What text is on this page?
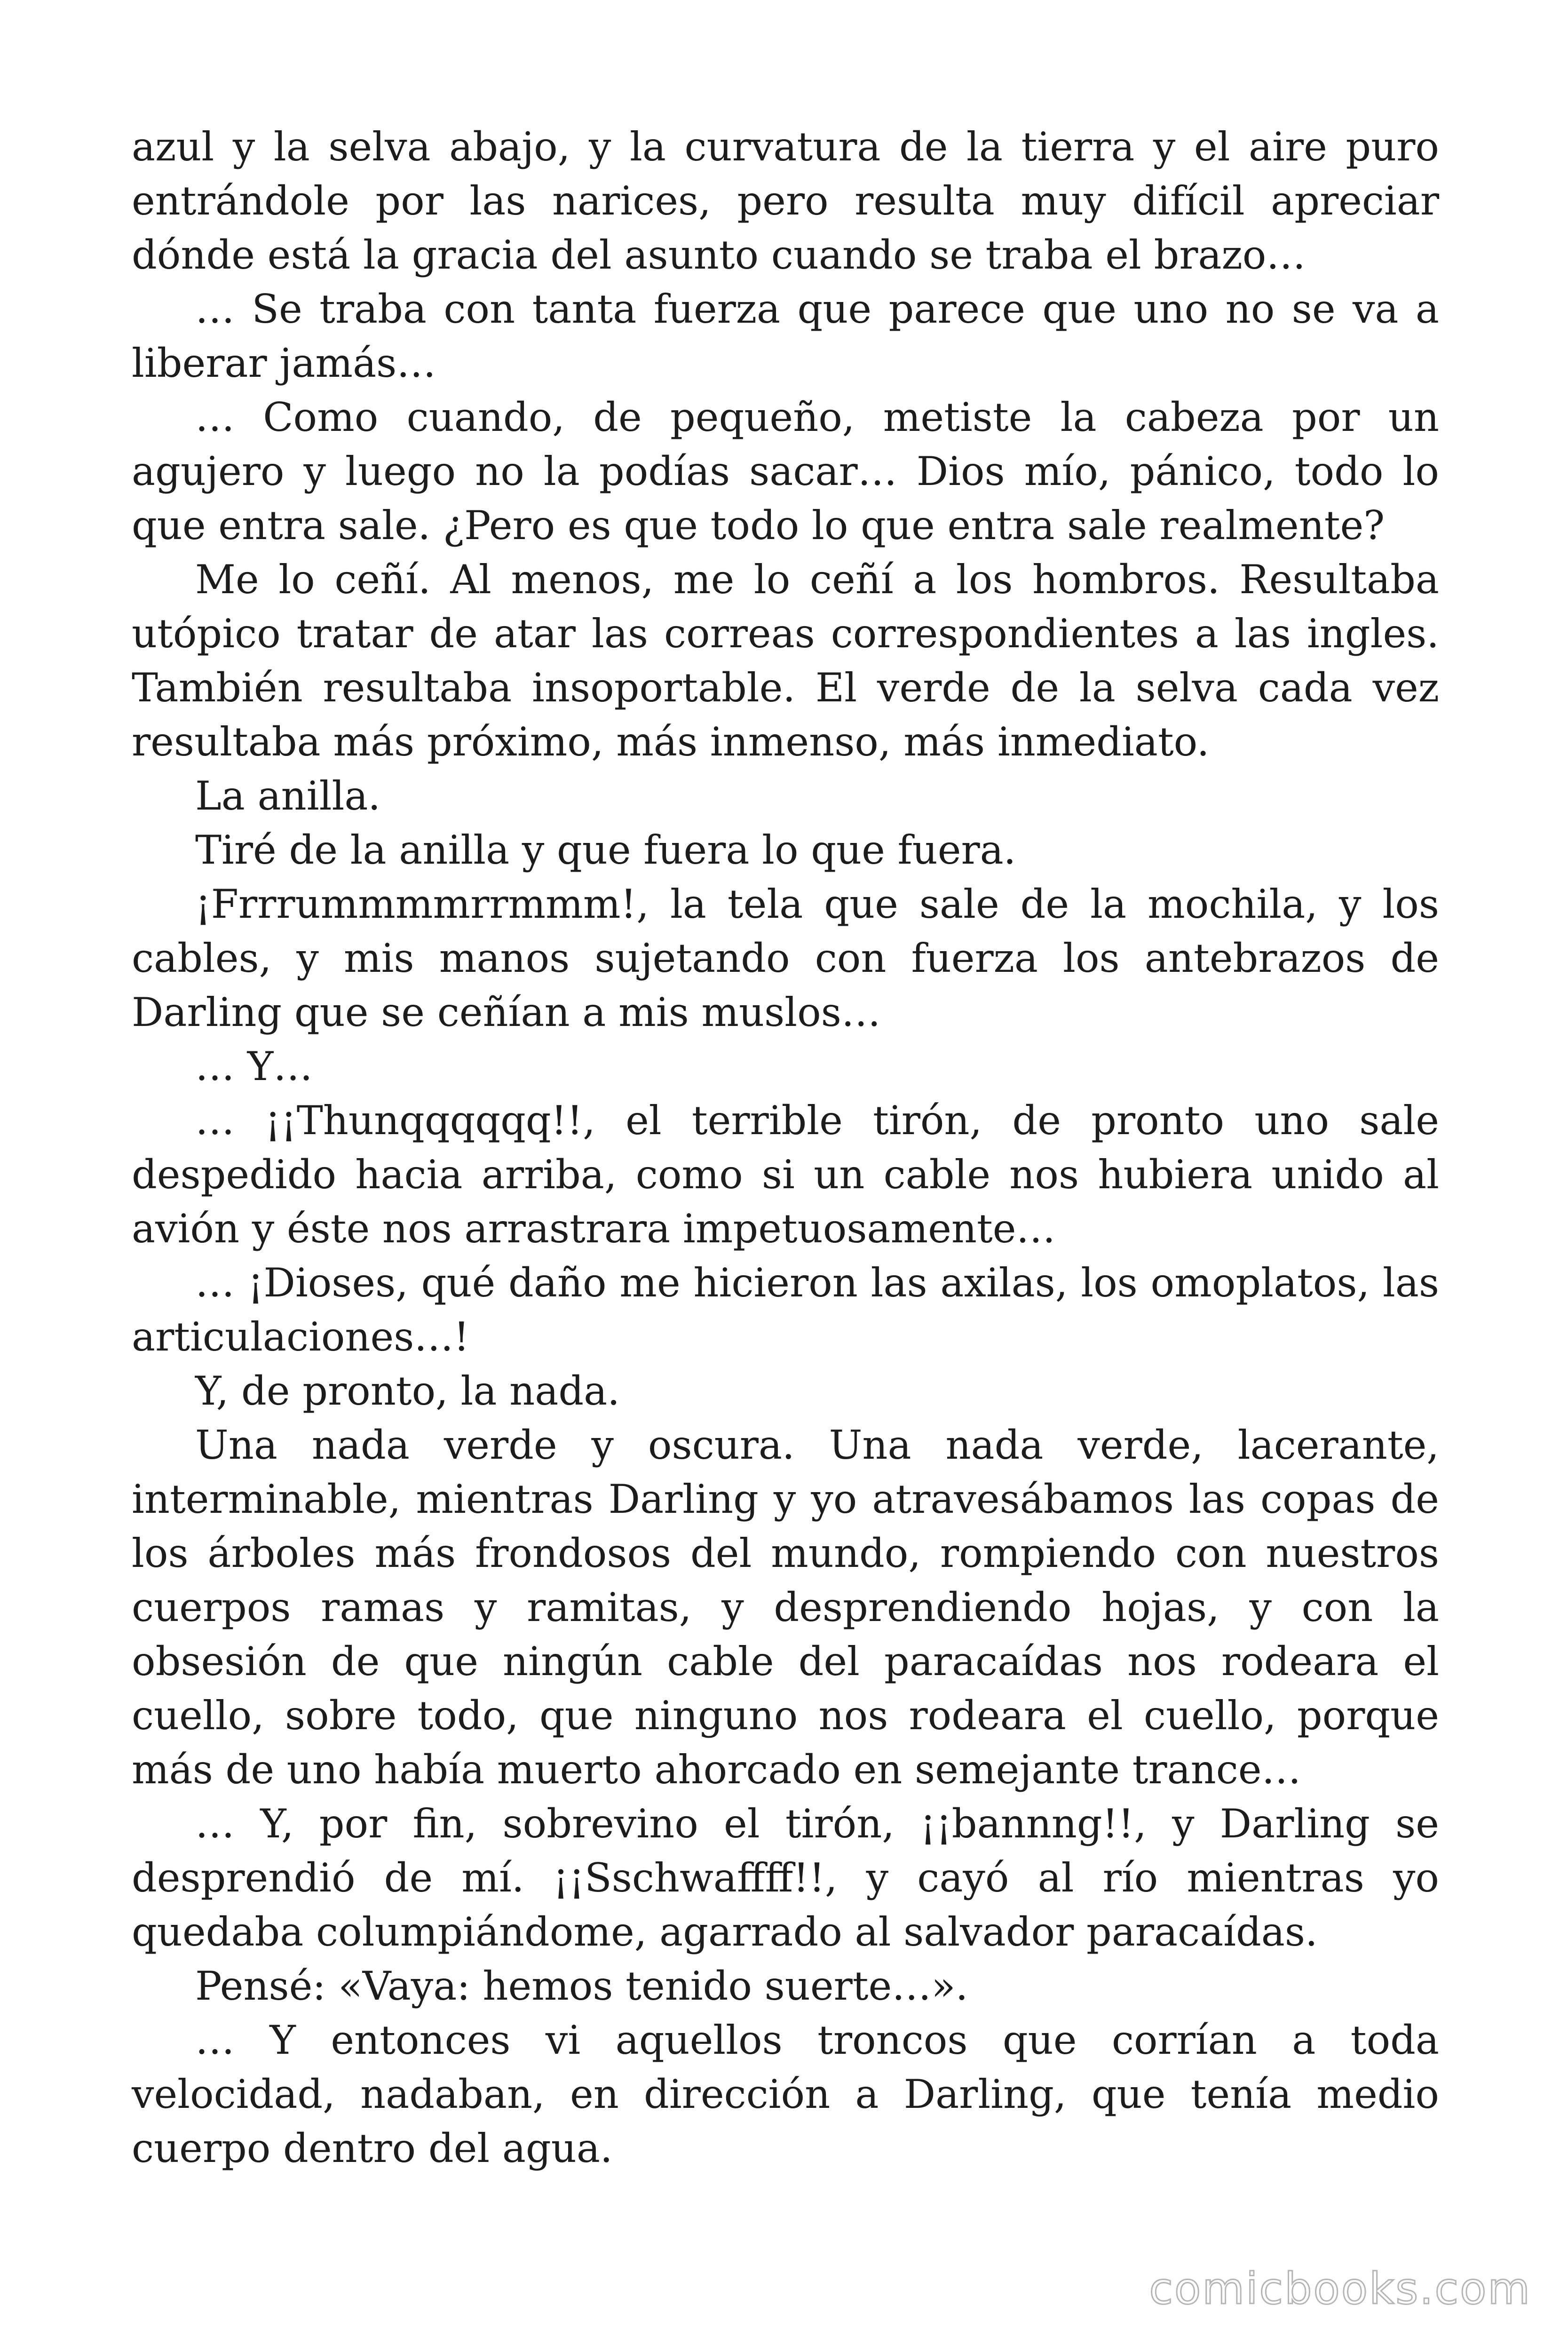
azul y la selva abajo, y la curvatura de la tierra y el aire puro entrándole por las narices, pero resulta muy difícil apreciar dónde está la gracia del asunto cuando se traba el brazo…

… Se traba con tanta fuerza que parece que uno no se va a liberar jamás…

… Como cuando, de pequeño, metiste la cabeza por un agujero y luego no la podías sacar… Dios mío, pánico, todo lo que entra sale. ¿Pero es que todo lo que entra sale realmente?

Me lo ceñí. Al menos, me lo ceñí a los hombros. Resultaba utópico tratar de atar las correas correspondientes a las ingles. También resultaba insoportable. El verde de la selva cada vez resultaba más próximo, más inmenso, más inmediato.

La anilla.

Tiré de la anilla y que fuera lo que fuera.

¡Frrrummmmrrmmm!, la tela que sale de la mochila, y los cables, y mis manos sujetando con fuerza los antebrazos de Darling que se ceñían a mis muslos…

… Y…

… ¡¡Thunqqqqqq!!, el terrible tirón, de pronto uno sale despedido hacia arriba, como si un cable nos hubiera unido al avión y éste nos arrastrara impetuosamente…

… ¡Dioses, qué daño me hicieron las axilas, los omoplatos, las articulaciones…!

Y, de pronto, la nada.

Una nada verde y oscura. Una nada verde, lacerante, interminable, mientras Darling y yo atravesábamos las copas de los árboles más frondosos del mundo, rompiendo con nuestros cuerpos ramas y ramitas, y desprendiendo hojas, y con la obsesión de que ningún cable del paracaídas nos rodeara el cuello, sobre todo, que ninguno nos rodeara el cuello, porque más de uno había muerto ahorcado en semejante trance…

… Y, por fin, sobrevino el tirón, ¡¡bannng!!, y Darling se desprendió de mí. ¡¡Sschwaffff!!, y cayó al río mientras yo quedaba columpiándome, agarrado al salvador paracaídas.

Pensé: «Vaya: hemos tenido suerte…».

… Y entonces vi aquellos troncos que corrían a toda velocidad, nadaban, en dirección a Darling, que tenía medio cuerpo dentro del agua.

comicbooks.com
